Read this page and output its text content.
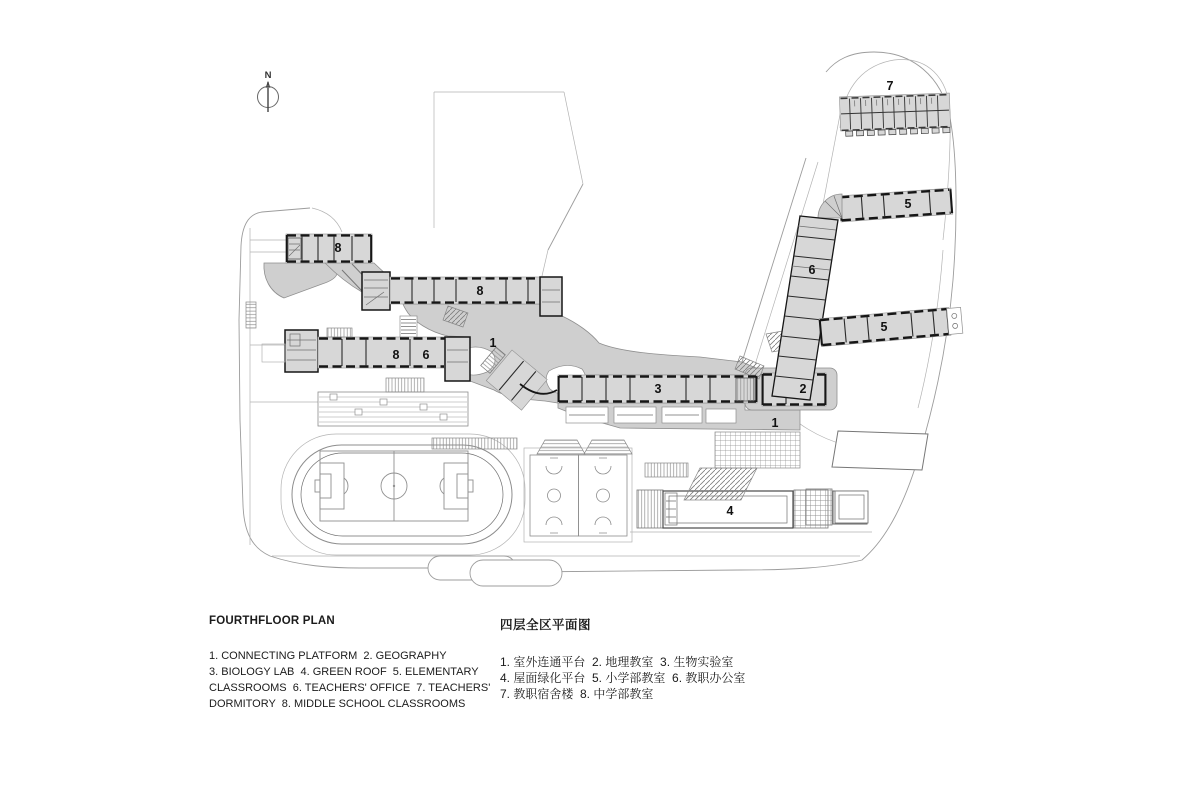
N
7
5
6
5
8
8
8 6
1
3	2
1
4
FOURTHFLOOR PLAN
1. CONNECTING PLATFORM  2. GEOGRAPHY
3. BIOLOGY LAB  4. GREEN ROOF  5. ELEMENTARY
CLASSROOMS  6. TEACHERS' OFFICE  7. TEACHERS'
DORMITORY  8. MIDDLE SCHOOL CLASSROOMS
四层全区平面图
1. 室外连通平台  2. 地理教室  3. 生物实验室
4. 屋面绿化平台  5. 小学部教室  6. 教职办公室
7. 教职宿舍楼  8. 中学部教室
